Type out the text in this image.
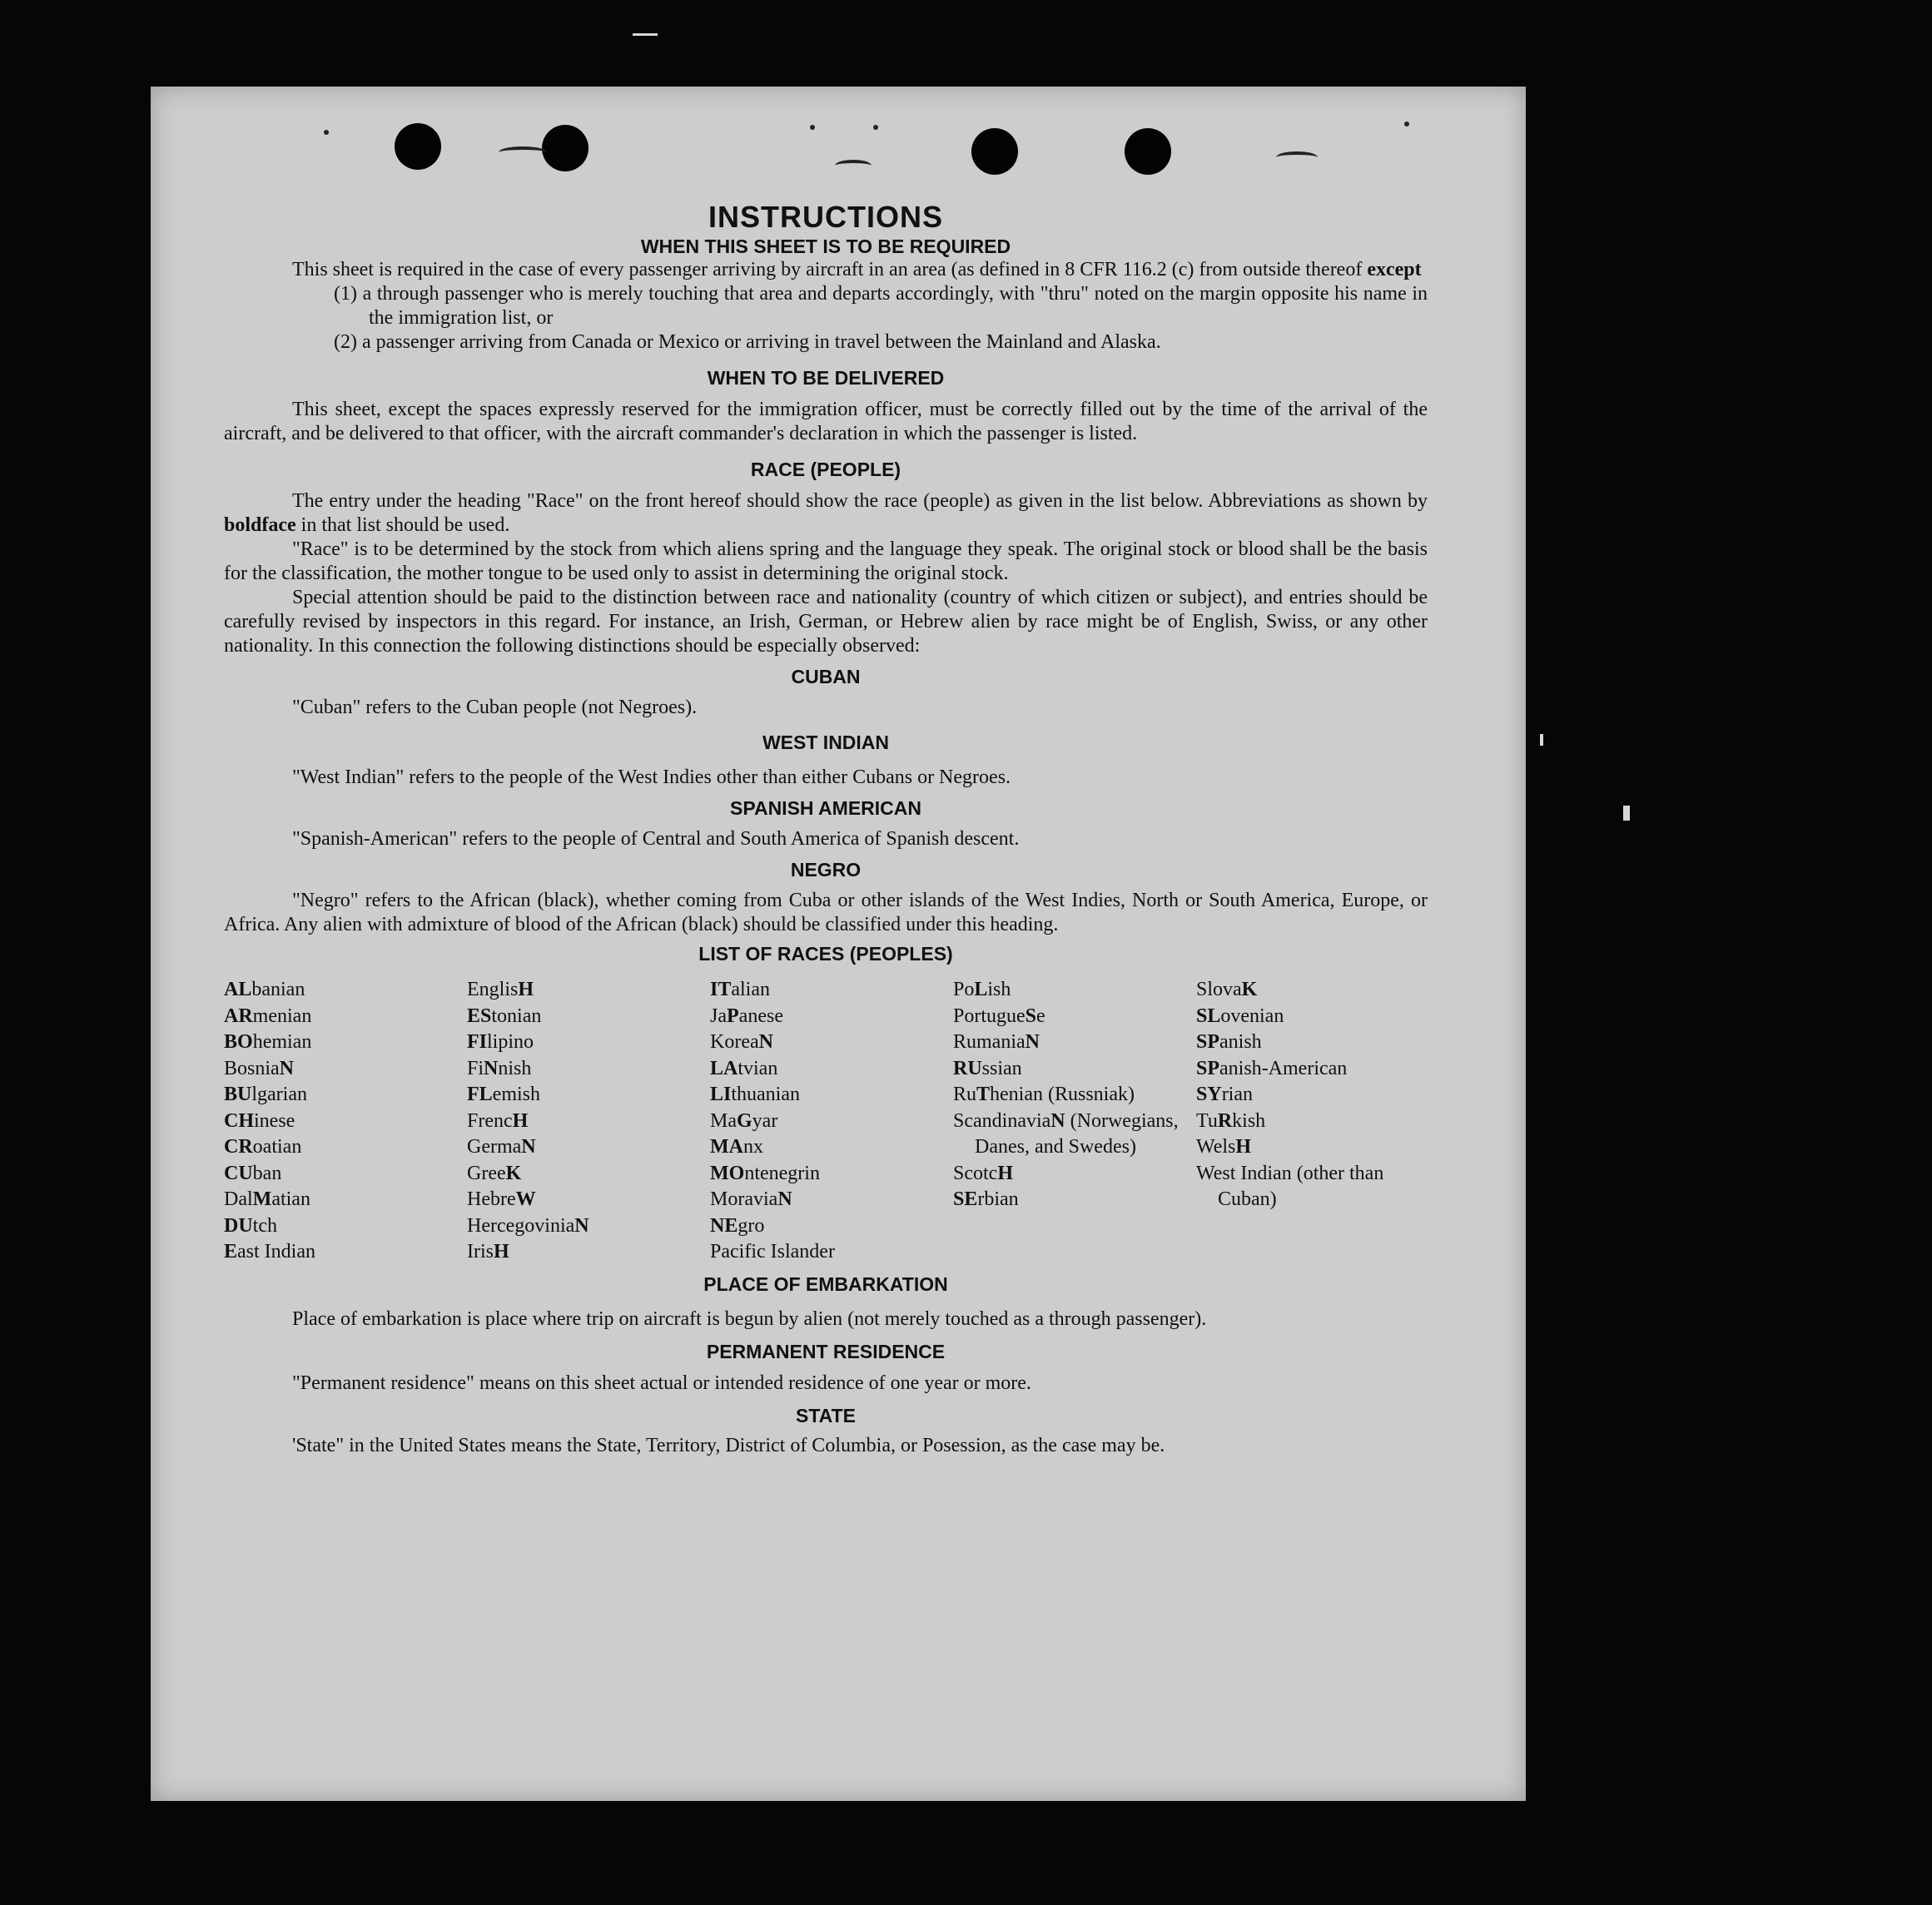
INSTRUCTIONS
WHEN THIS SHEET IS TO BE REQUIRED

This sheet is required in the case of every passenger arriving by aircraft in an area (as defined in 8 CFR 116.2 (c) from outside thereof except

(1) a through passenger who is merely touching that area and departs accordingly, with "thru" noted on the margin opposite his name in the immigration list, or

(2) a passenger arriving from Canada or Mexico or arriving in travel between the Mainland and Alaska.

WHEN TO BE DELIVERED

This sheet, except the spaces expressly reserved for the immigration officer, must be correctly filled out by the time of the arrival of the aircraft, and be delivered to that officer, with the aircraft commander's declaration in which the passenger is listed.

RACE (PEOPLE)

The entry under the heading "Race" on the front hereof should show the race (people) as given in the list below. Abbreviations as shown by boldface in that list should be used.

"Race" is to be determined by the stock from which aliens spring and the language they speak. The original stock or blood shall be the basis for the classification, the mother tongue to be used only to assist in determining the original stock.

Special attention should be paid to the distinction between race and nationality (country of which citizen or subject), and entries should be carefully revised by inspectors in this regard. For instance, an Irish, German, or Hebrew alien by race might be of English, Swiss, or any other nationality. In this connection the following distinctions should be especially observed:

CUBAN

"Cuban" refers to the Cuban people (not Negroes).

WEST INDIAN

"West Indian" refers to the people of the West Indies other than either Cubans or Negroes.

SPANISH AMERICAN

"Spanish-American" refers to the people of Central and South America of Spanish descent.

NEGRO

"Negro" refers to the African (black), whether coming from Cuba or other islands of the West Indies, North or South America, Europe, or Africa. Any alien with admixture of blood of the African (black) should be classified under this heading.

LIST OF RACES (PEOPLES)
ALbanian
ARmenian
BOhemian
BosniaN
BUlgarian
CHinese
CRoatian
CUban
DalMatian
DUtch
East Indian
EnglisH
EStonian
FIlipino
FiNnish
FLemish
FrencH
GermaN
GreeK
HebreW
HercegoviniaN
IrisH
ITalian
JaPanese
KoreaN
LAtvian
LIthuanian
MaGyar
MAnx
MOntenegrin
MoraviaN
NEgro
Pacific Islander
PoLish
PortugueSe
RumaniaN
RUssian
RuThenian (Russniak)
ScandinaviaN (Norwegians, Danes, and Swedes)
ScotcH
SErbian
SlovaK
SLovenian
SPanish
SPanish-American
SYrian
TuRkish
WelsH
West Indian (other than Cuban)
PLACE OF EMBARKATION

Place of embarkation is place where trip on aircraft is begun by alien (not merely touched as a through passenger).

PERMANENT RESIDENCE

"Permanent residence" means on this sheet actual or intended residence of one year or more.

STATE

'State" in the United States means the State, Territory, District of Columbia, or Posession, as the case may be.
